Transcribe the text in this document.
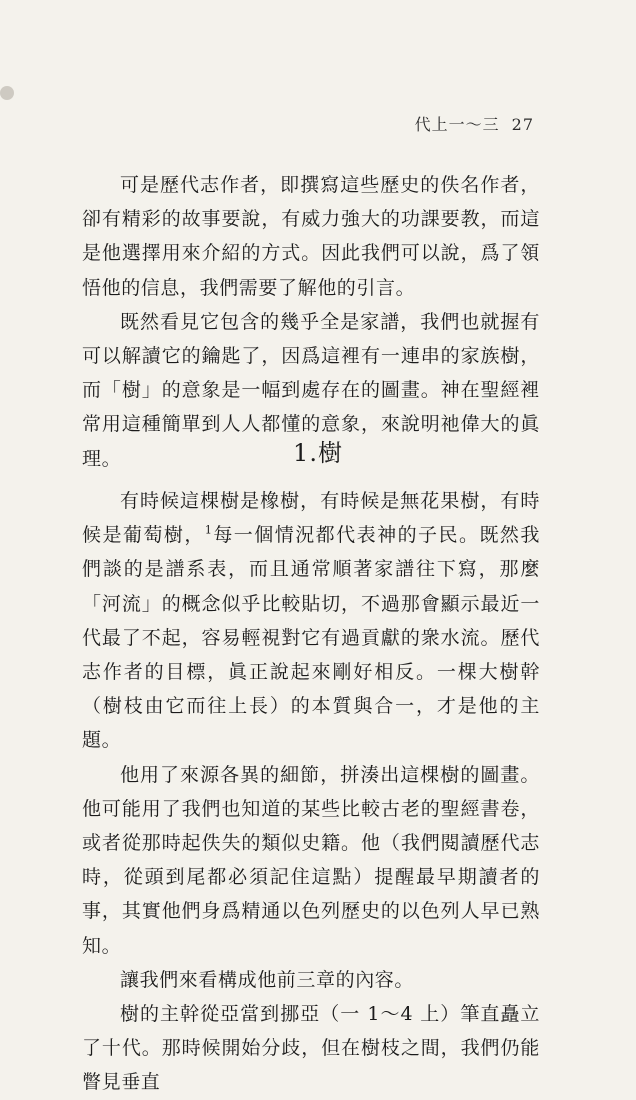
代上一～三 27

可是歷代志作者，即撰寫這些歷史的佚名作者，卻有精彩的故事要說，有威力強大的功課要教，而這是他選擇用來介紹的方式。因此我們可以說，爲了領悟他的信息，我們需要了解他的引言。

既然看見它包含的幾乎全是家譜，我們也就握有可以解讀它的鑰匙了，因爲這裡有一連串的家族樹，而「樹」的意象是一幅到處存在的圖畫。神在聖經裡常用這種簡單到人人都懂的意象，來說明祂偉大的眞理。	1.樹

有時候這棵樹是橡樹，有時候是無花果樹，有時候是葡萄樹，$^1$每一個情況都代表神的子民。既然我們談的是譜系表，而且通常順著家譜往下寫，那麼「河流」的概念似乎比較貼切，不過那會顯示最近一代最了不起，容易輕視對它有過貢獻的衆水流。歷代志作者的目標，眞正說起來剛好相反。一棵大樹幹（樹枝由它而往上長）的本質與合一，才是他的主題。

他用了來源各異的細節，拼湊出這棵樹的圖畫。他可能用了我們也知道的某些比較古老的聖經書卷，或者從那時起佚失的類似史籍。他（我們閱讀歷代志時，從頭到尾都必須記住這點）提醒最早期讀者的事，其實他們身爲精通以色列歷史的以色列人早已熟知。

讓我們來看構成他前三章的內容。

樹的主幹從亞當到挪亞（一 1～4 上）筆直矗立了十代。那時候開始分歧，但在樹枝之間，我們仍能瞥見垂直
